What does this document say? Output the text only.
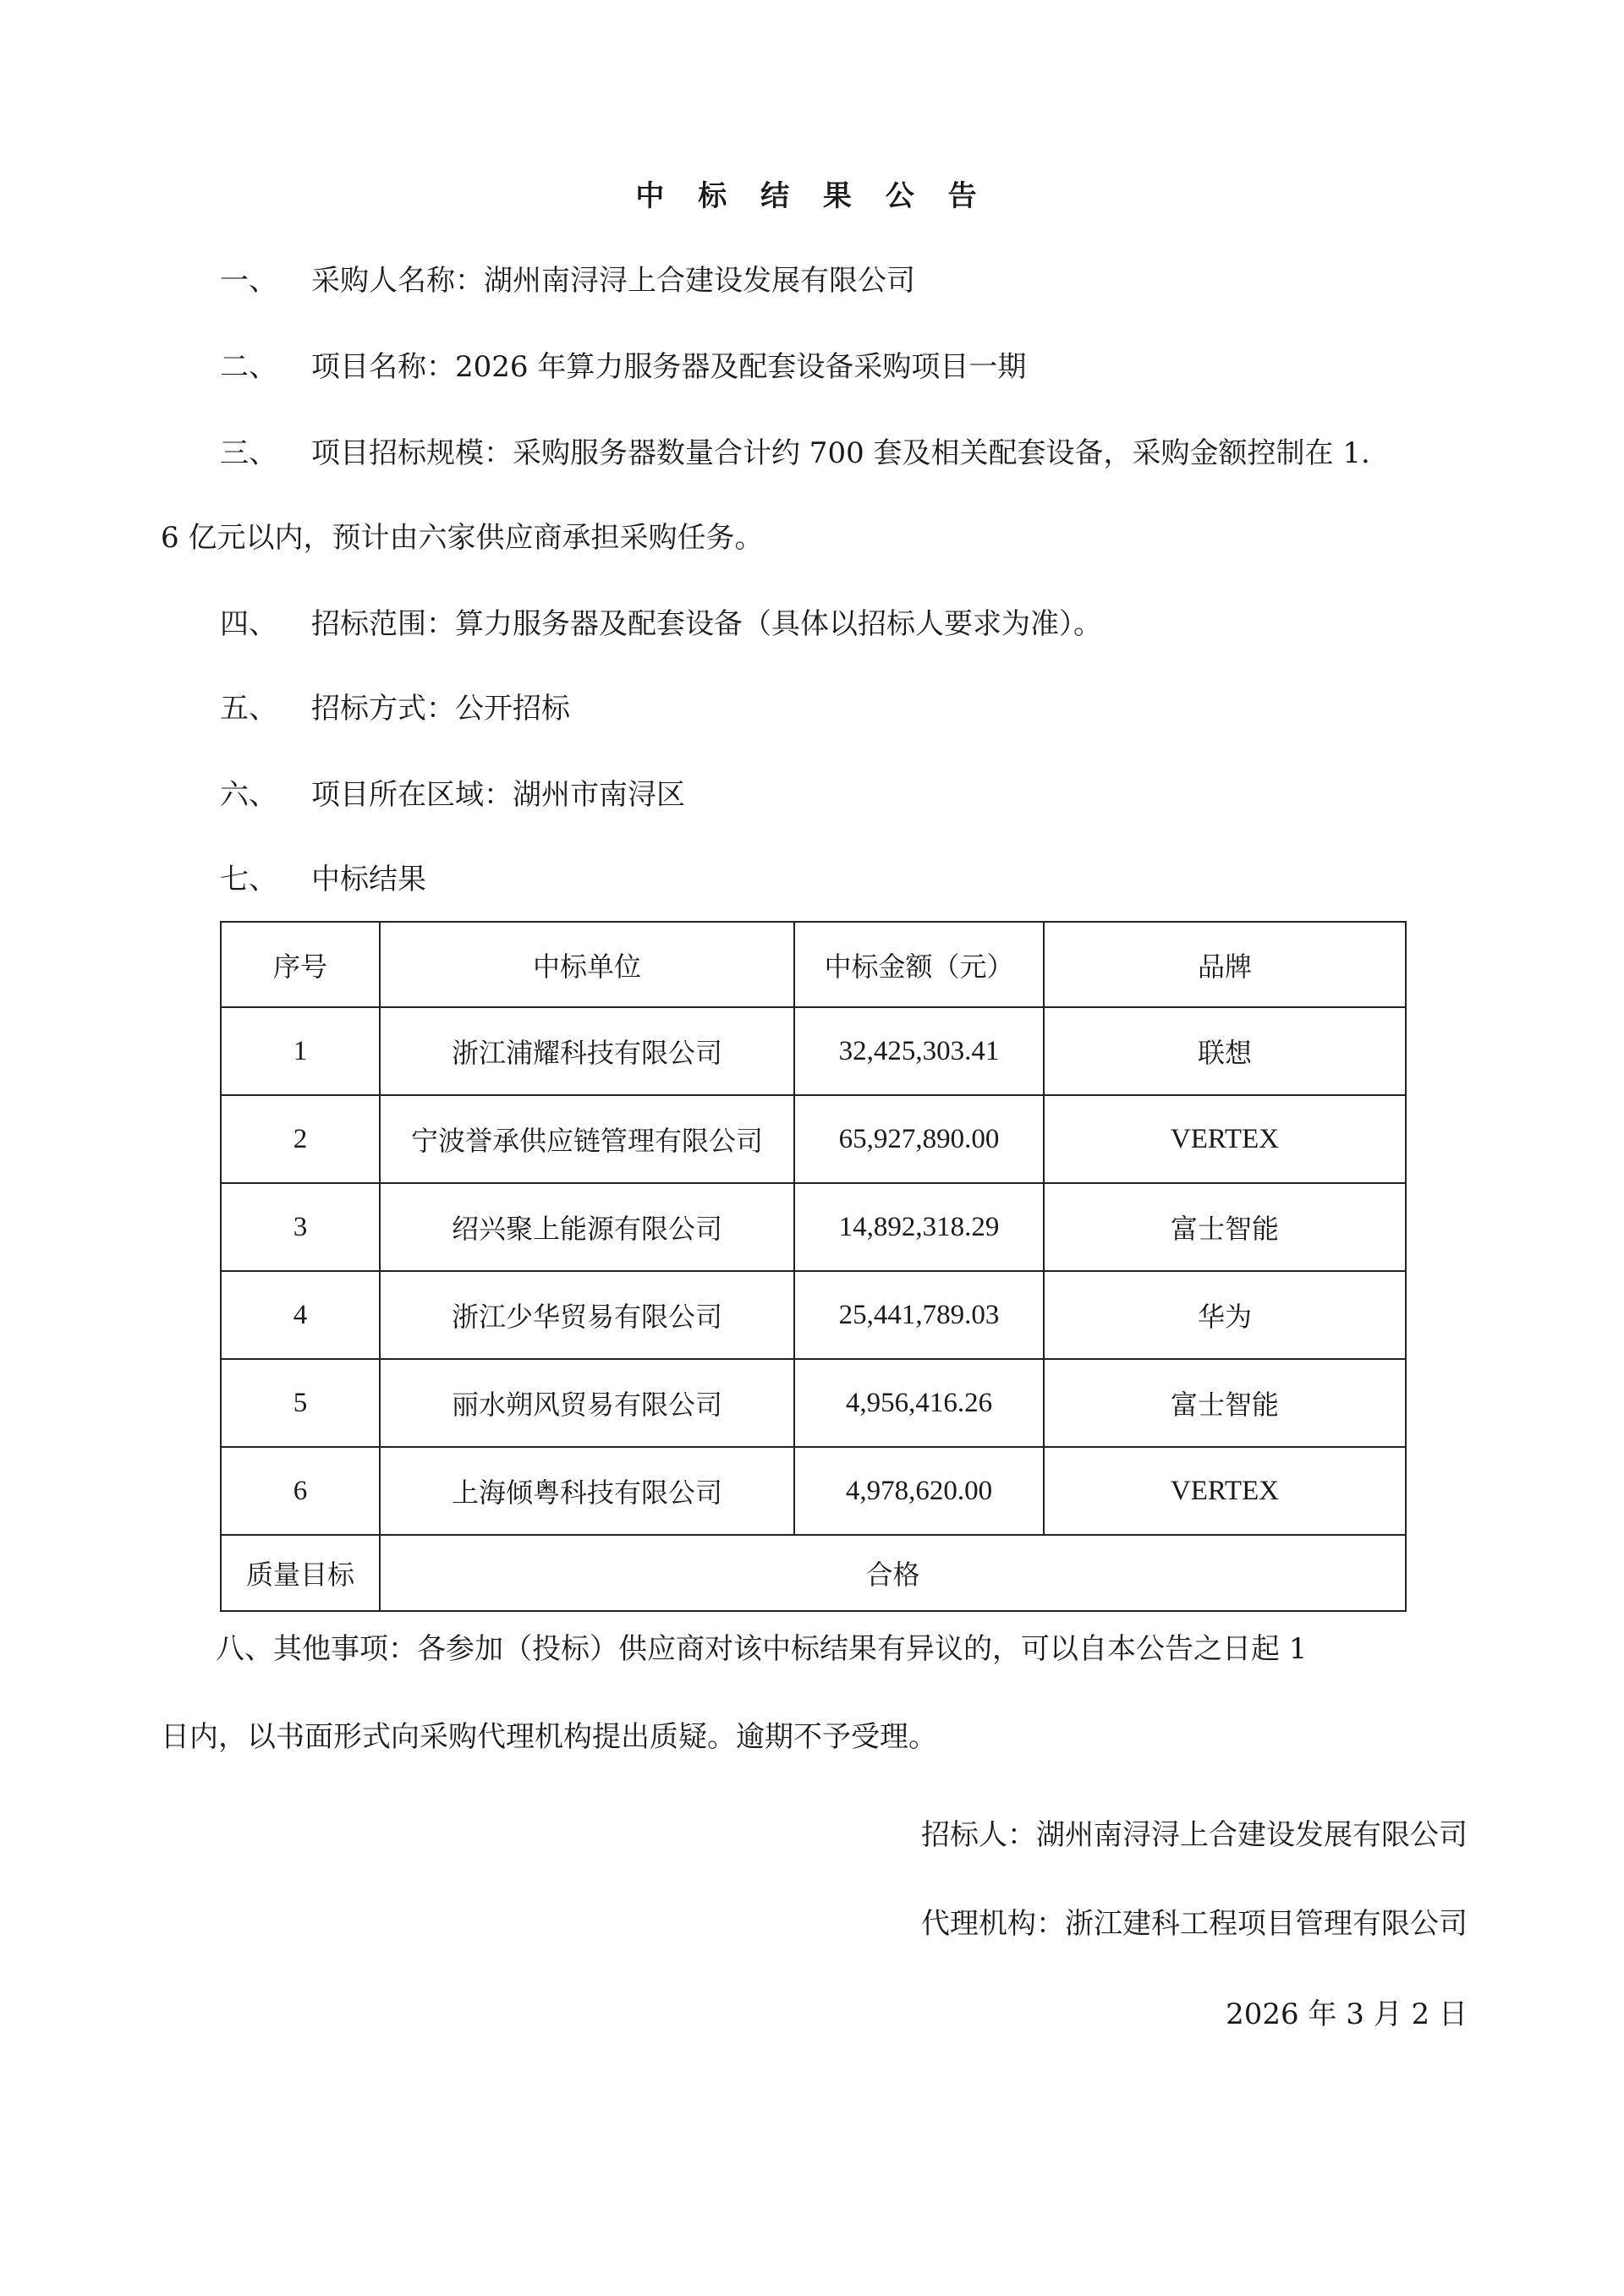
中 标 结 果 公 告
一、 采购人名称：湖州南浔浔上合建设发展有限公司
二、 项目名称：2026 年算力服务器及配套设备采购项目一期
三、 项目招标规模：采购服务器数量合计约 700 套及相关配套设备，采购金额控制在 1.
6 亿元以内，预计由六家供应商承担采购任务。
四、 招标范围：算力服务器及配套设备（具体以招标人要求为准）。
五、 招标方式：公开招标
六、 项目所在区域：湖州市南浔区
七、 中标结果
序号	中标单位	中标金额（元）	品牌
1	浙江浦耀科技有限公司	32,425,303.41	联想
2	宁波誉承供应链管理有限公司	65,927,890.00	VERTEX
3	绍兴聚上能源有限公司	14,892,318.29	富士智能
4	浙江少华贸易有限公司	25,441,789.03	华为
5	丽水朔风贸易有限公司	4,956,416.26	富士智能
6	上海倾粤科技有限公司	4,978,620.00	VERTEX
质量目标	合格		
八、其他事项：各参加（投标）供应商对该中标结果有异议的，可以自本公告之日起 1
日内，以书面形式向采购代理机构提出质疑。逾期不予受理。
招标人：湖州南浔浔上合建设发展有限公司
代理机构：浙江建科工程项目管理有限公司
2026 年 3 月 2 日
